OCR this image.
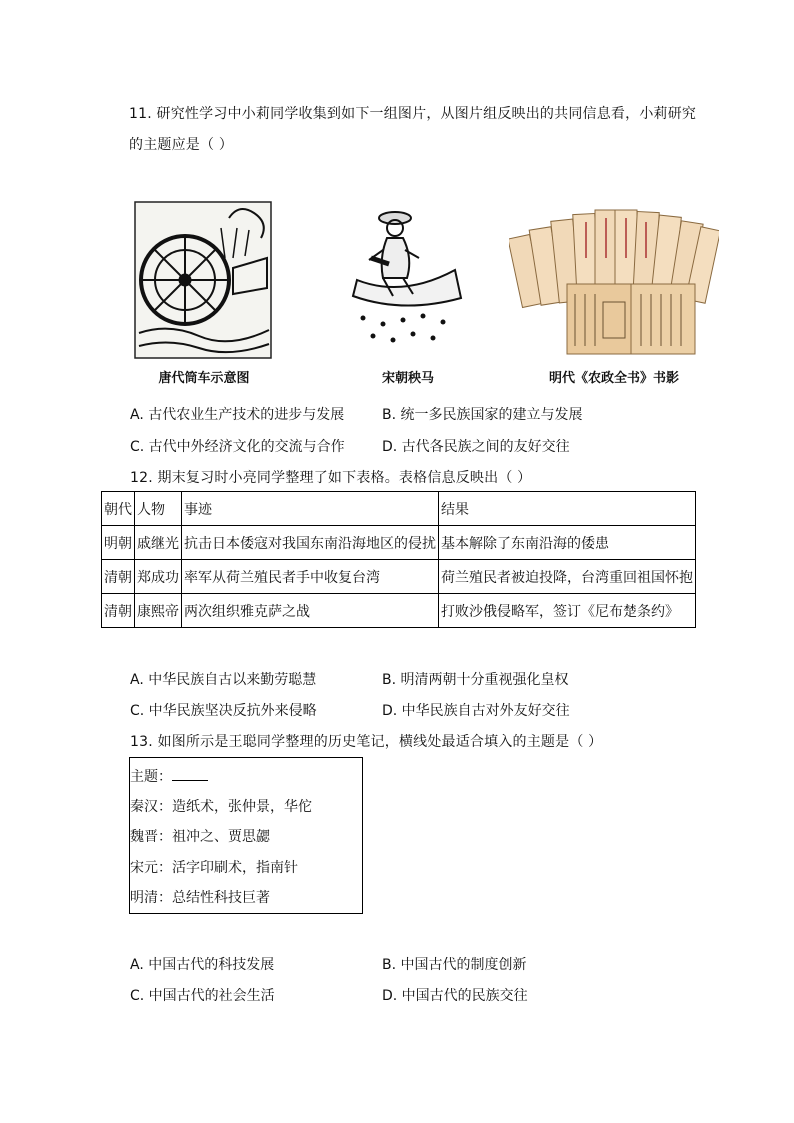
11. 研究性学习中小莉同学收集到如下一组图片，从图片组反映出的共同信息看，小莉研究
的主题应是（ ）
唐代筒车示意图	宋朝秧马	明代《农政全书》书影
A. 古代农业生产技术的进步与发展	B. 统一多民族国家的建立与发展
C. 古代中外经济文化的交流与合作	D. 古代各民族之间的友好交往
12. 期末复习时小亮同学整理了如下表格。表格信息反映出（ ）
朝代	人物	事迹	结果
明朝	戚继光	抗击日本倭寇对我国东南沿海地区的侵扰	基本解除了东南沿海的倭患
清朝	郑成功	率军从荷兰殖民者手中收复台湾	荷兰殖民者被迫投降，台湾重回祖国怀抱
清朝	康熙帝	两次组织雅克萨之战	打败沙俄侵略军，签订《尼布楚条约》
A. 中华民族自古以来勤劳聪慧	B. 明清两朝十分重视强化皇权
C. 中华民族坚决反抗外来侵略	D. 中华民族自古对外友好交往
13. 如图所示是王聪同学整理的历史笔记，横线处最适合填入的主题是（ ）
主题：
秦汉：造纸术，张仲景，华佗
魏晋：祖冲之、贾思勰
宋元：活字印刷术，指南针
明清：总结性科技巨著
A. 中国古代的科技发展	B. 中国古代的制度创新
C. 中国古代的社会生活	D. 中国古代的民族交往
